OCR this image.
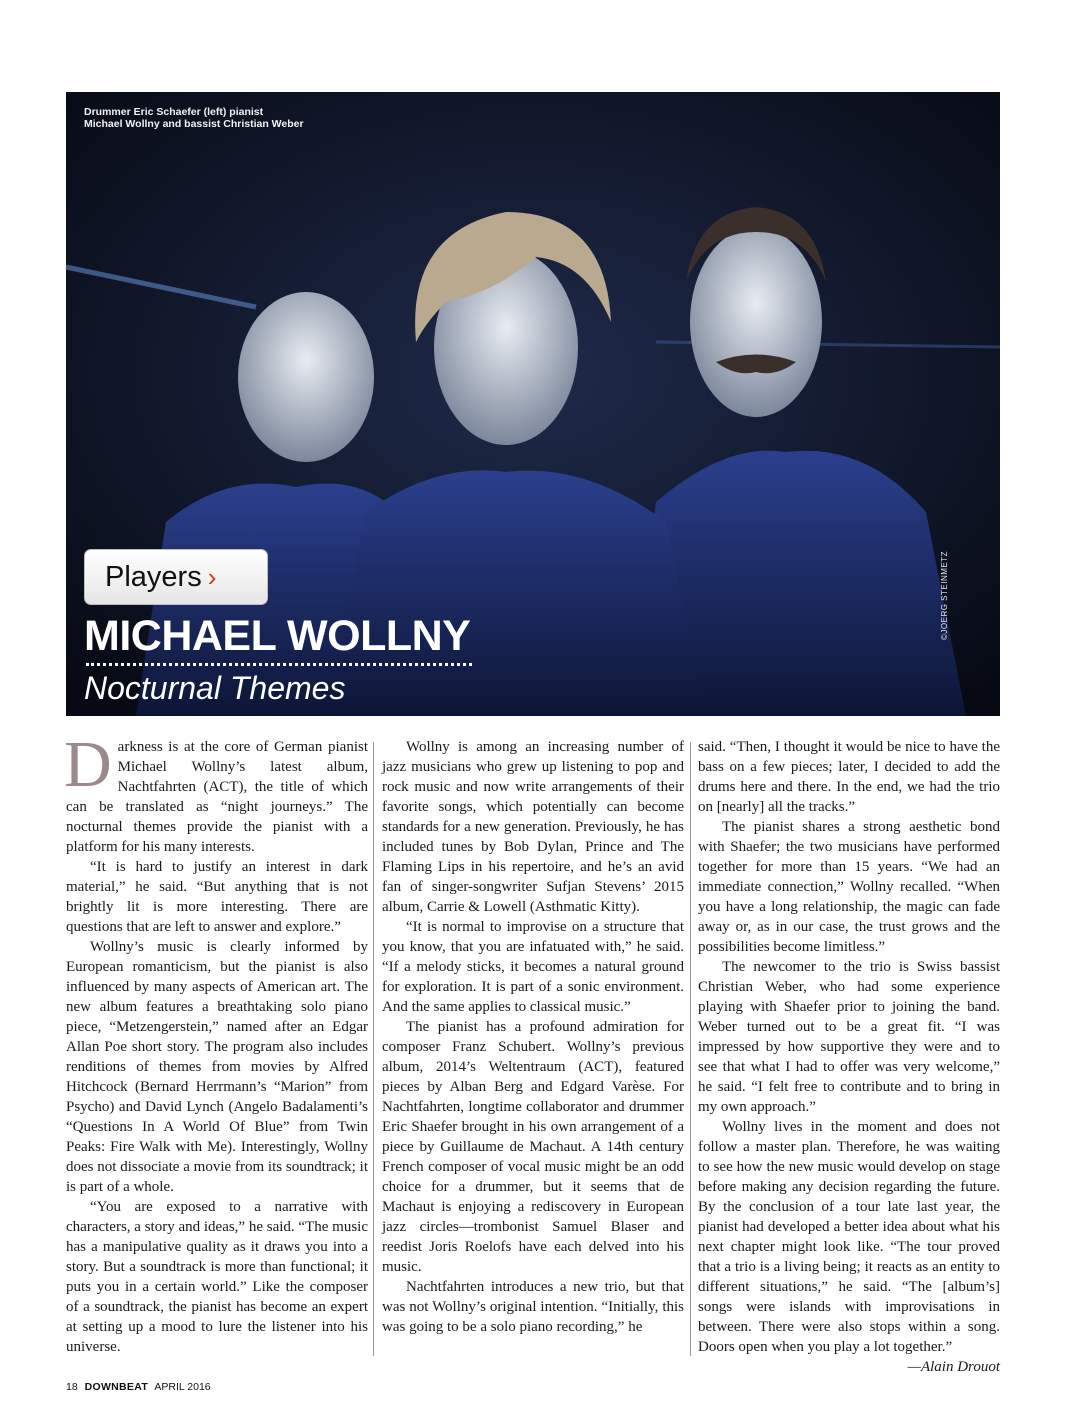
Drummer Eric Schaefer (left) pianist
Michael Wollny and bassist Christian Weber
©JOERG STEINMETZ
Players ›
MICHAEL WOLLNY
Nocturnal Themes

Darkness is at the core of German pianist Michael Wollny’s latest album, Nachtfahrten (ACT), the title of which can be translated as “night journeys.” The nocturnal themes provide the pianist with a platform for his many interests.

“It is hard to justify an interest in dark material,” he said. “But anything that is not brightly lit is more interesting. There are questions that are left to answer and explore.”

Wollny’s music is clearly informed by European romanticism, but the pianist is also influenced by many aspects of American art. The new album features a breathtaking solo piano piece, “Metzengerstein,” named after an Edgar Allan Poe short story. The program also includes renditions of themes from movies by Alfred Hitchcock (Bernard Herrmann’s “Marion” from Psycho) and David Lynch (Angelo Badalamenti’s “Questions In A World Of Blue” from Twin Peaks: Fire Walk with Me). Interestingly, Wollny does not dissociate a movie from its soundtrack; it is part of a whole.

“You are exposed to a narrative with characters, a story and ideas,” he said. “The music has a manipulative quality as it draws you into a story. But a soundtrack is more than functional; it puts you in a certain world.” Like the composer of a soundtrack, the pianist has become an expert at setting up a mood to lure the listener into his universe.

Wollny is among an increasing number of jazz musicians who grew up listening to pop and rock music and now write arrangements of their favorite songs, which potentially can become standards for a new generation. Previously, he has included tunes by Bob Dylan, Prince and The Flaming Lips in his repertoire, and he’s an avid fan of singer-songwriter Sufjan Stevens’ 2015 album, Carrie & Lowell (Asthmatic Kitty).

“It is normal to improvise on a structure that you know, that you are infatuated with,” he said. “If a melody sticks, it becomes a natural ground for exploration. It is part of a sonic environment. And the same applies to classical music.”

The pianist has a profound admiration for composer Franz Schubert. Wollny’s previous album, 2014’s Weltentraum (ACT), featured pieces by Alban Berg and Edgard Varèse. For Nachtfahrten, longtime collaborator and drummer Eric Shaefer brought in his own arrangement of a piece by Guillaume de Machaut. A 14th century French composer of vocal music might be an odd choice for a drummer, but it seems that de Machaut is enjoying a rediscovery in European jazz circles—trombonist Samuel Blaser and reedist Joris Roelofs have each delved into his music.

Nachtfahrten introduces a new trio, but that was not Wollny’s original intention. “Initially, this was going to be a solo piano recording,” he

said. “Then, I thought it would be nice to have the bass on a few pieces; later, I decided to add the drums here and there. In the end, we had the trio on [nearly] all the tracks.”

The pianist shares a strong aesthetic bond with Shaefer; the two musicians have performed together for more than 15 years. “We had an immediate connection,” Wollny recalled. “When you have a long relationship, the magic can fade away or, as in our case, the trust grows and the possibilities become limitless.”

The newcomer to the trio is Swiss bassist Christian Weber, who had some experience playing with Shaefer prior to joining the band. Weber turned out to be a great fit. “I was impressed by how supportive they were and to see that what I had to offer was very welcome,” he said. “I felt free to contribute and to bring in my own approach.”

Wollny lives in the moment and does not follow a master plan. Therefore, he was waiting to see how the new music would develop on stage before making any decision regarding the future. By the conclusion of a tour late last year, the pianist had developed a better idea about what his next chapter might look like. “The tour proved that a trio is a living being; it reacts as an entity to different situations,” he said. “The [album’s] songs were islands with improvisations in between. There were also stops within a song. Doors open when you play a lot together.”
—Alain Drouot

18 DOWNBEAT APRIL 2016
